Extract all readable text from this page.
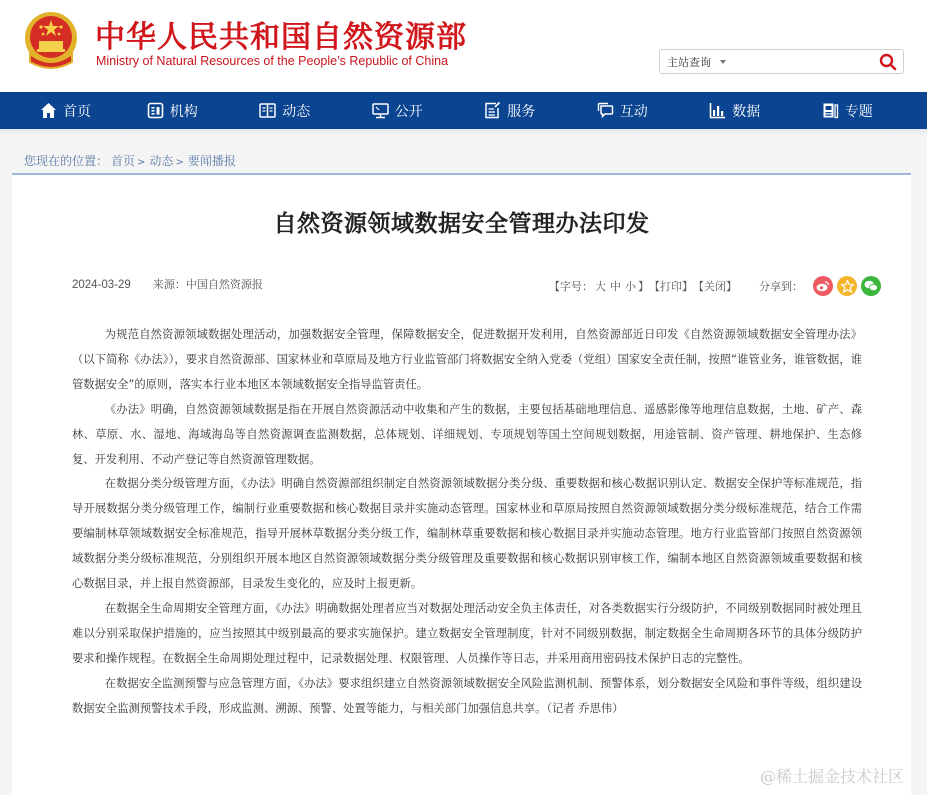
中华人民共和国自然资源部
Ministry of Natural Resources of the People’s Republic of China	主站查询
首页	机构	动态	公开	服务	互动	数据	专题
您现在的位置： 首页 > 动态 > 要闻播报
自然资源领域数据安全管理办法印发
2024-03-29 来源：中国自然资源报	【字号： 大 中 小 】 【打印】 【关闭】 分享到：

为规范自然资源领域数据处理活动，加强数据安全管理，保障数据安全，促进数据开发利用，自然资源部近日印发《自然资源领域数据安全管理办法》（以下简称《办法》），要求自然资源部、国家林业和草原局及地方行业监管部门将数据安全纳入党委（党组）国家安全责任制，按照“谁管业务，谁管数据，谁管数据安全”的原则，落实本行业本地区本领域数据安全指导监管责任。

《办法》明确，自然资源领域数据是指在开展自然资源活动中收集和产生的数据，主要包括基础地理信息、遥感影像等地理信息数据，土地、矿产、森林、草原、水、湿地、海域海岛等自然资源调查监测数据，总体规划、详细规划、专项规划等国土空间规划数据，用途管制、资产管理、耕地保护、生态修复、开发利用、不动产登记等自然资源管理数据。

在数据分类分级管理方面，《办法》明确自然资源部组织制定自然资源领域数据分类分级、重要数据和核心数据识别认定、数据安全保护等标准规范，指导开展数据分类分级管理工作，编制行业重要数据和核心数据目录并实施动态管理。国家林业和草原局按照自然资源领域数据分类分级标准规范，结合工作需要编制林草领域数据安全标准规范，指导开展林草数据分类分级工作，编制林草重要数据和核心数据目录并实施动态管理。地方行业监管部门按照自然资源领域数据分类分级标准规范，分别组织开展本地区自然资源领域数据分类分级管理及重要数据和核心数据识别审核工作，编制本地区自然资源领域重要数据和核心数据目录，并上报自然资源部，目录发生变化的，应及时上报更新。

在数据全生命周期安全管理方面，《办法》明确数据处理者应当对数据处理活动安全负主体责任，对各类数据实行分级防护，不同级别数据同时被处理且难以分别采取保护措施的，应当按照其中级别最高的要求实施保护。建立数据安全管理制度，针对不同级别数据，制定数据全生命周期各环节的具体分级防护要求和操作规程。在数据全生命周期处理过程中，记录数据处理、权限管理、人员操作等日志，并采用商用密码技术保护日志的完整性。

在数据安全监测预警与应急管理方面，《办法》要求组织建立自然资源领域数据安全风险监测机制、预警体系，划分数据安全风险和事件等级，组织建设数据安全监测预警技术手段，形成监测、溯源、预警、处置等能力，与相关部门加强信息共享。（记者 乔思伟）

@稀土掘金技术社区
